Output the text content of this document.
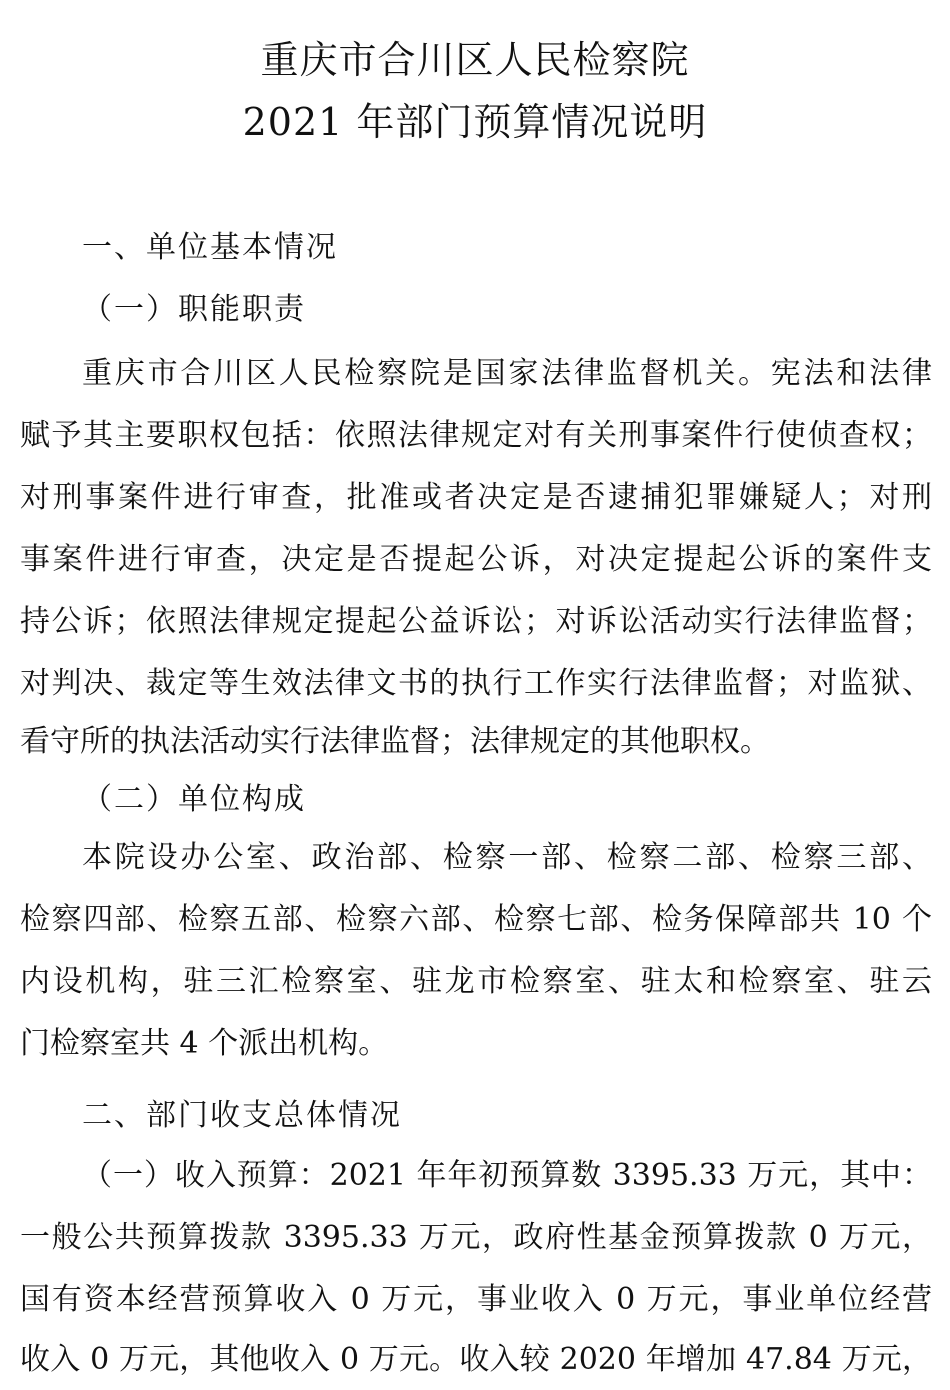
重庆市合川区人民检察院
2021 年部门预算情况说明
一、单位基本情况
（一）职能职责
重庆市合川区人民检察院是国家法律监督机关。宪法和法律
赋予其主要职权包括：依照法律规定对有关刑事案件行使侦查权；
对刑事案件进行审查，批准或者决定是否逮捕犯罪嫌疑人；对刑
事案件进行审查，决定是否提起公诉，对决定提起公诉的案件支
持公诉；依照法律规定提起公益诉讼；对诉讼活动实行法律监督；
对判决、裁定等生效法律文书的执行工作实行法律监督；对监狱、
看守所的执法活动实行法律监督；法律规定的其他职权。
（二）单位构成
本院设办公室、政治部、检察一部、检察二部、检察三部、
检察四部、检察五部、检察六部、检察七部、检务保障部共 10 个
内设机构，驻三汇检察室、驻龙市检察室、驻太和检察室、驻云
门检察室共 4 个派出机构。
二、部门收支总体情况
（一）收入预算：2021 年年初预算数 3395.33 万元，其中：
一般公共预算拨款 3395.33 万元，政府性基金预算拨款 0 万元，
国有资本经营预算收入 0 万元，事业收入 0 万元，事业单位经营
收入 0 万元，其他收入 0 万元。收入较 2020 年增加 47.84 万元，
